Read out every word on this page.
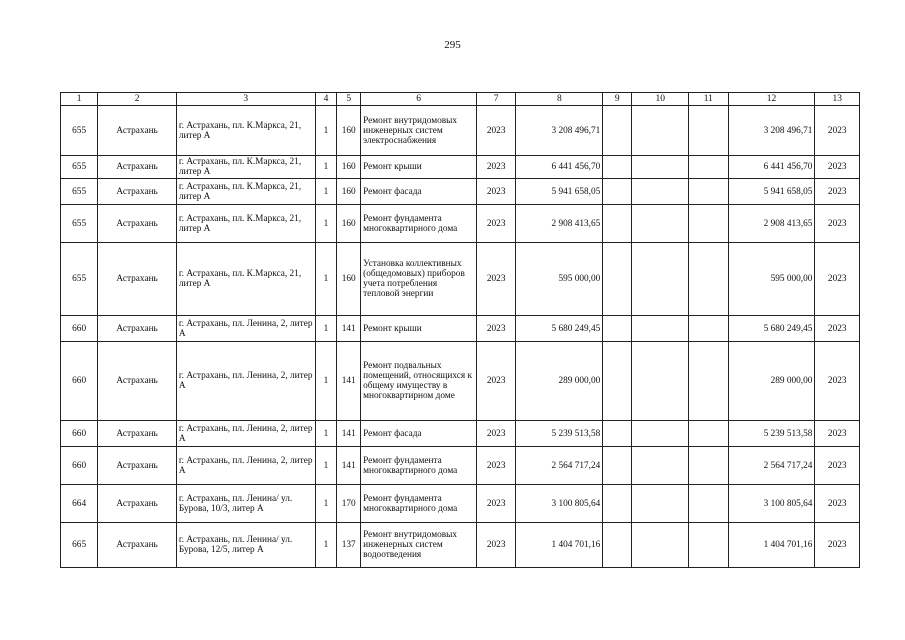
295
1	2	3	4	5	6	7	8	9	10	11	12	13
655	Астрахань	г. Астрахань, пл. К.Маркса, 21, литер А	1	160	Ремонт внутридомовых инженерных систем электроснабжения	2023	3 208 496,71				3 208 496,71	2023
655	Астрахань	г. Астрахань, пл. К.Маркса, 21, литер А	1	160	Ремонт крыши	2023	6 441 456,70				6 441 456,70	2023
655	Астрахань	г. Астрахань, пл. К.Маркса, 21, литер А	1	160	Ремонт фасада	2023	5 941 658,05				5 941 658,05	2023
655	Астрахань	г. Астрахань, пл. К.Маркса, 21, литер А	1	160	Ремонт фундамента многоквартирного дома	2023	2 908 413,65				2 908 413,65	2023
655	Астрахань	г. Астрахань, пл. К.Маркса, 21, литер А	1	160	Установка коллективных (общедомовых) приборов учета потребления тепловой энергии	2023	595 000,00				595 000,00	2023
660	Астрахань	г. Астрахань, пл. Ленина, 2, литер А	1	141	Ремонт крыши	2023	5 680 249,45				5 680 249,45	2023
660	Астрахань	г. Астрахань, пл. Ленина, 2, литер А	1	141	Ремонт подвальных помещений, относящихся к общему имуществу в многоквартирном доме	2023	289 000,00				289 000,00	2023
660	Астрахань	г. Астрахань, пл. Ленина, 2, литер А	1	141	Ремонт фасада	2023	5 239 513,58				5 239 513,58	2023
660	Астрахань	г. Астрахань, пл. Ленина, 2, литер А	1	141	Ремонт фундамента многоквартирного дома	2023	2 564 717,24				2 564 717,24	2023
664	Астрахань	г. Астрахань, пл. Ленина/ ул. Бурова, 10/3, литер А	1	170	Ремонт фундамента многоквартирного дома	2023	3 100 805,64				3 100 805,64	2023
665	Астрахань	г. Астрахань, пл. Ленина/ ул. Бурова, 12/5, литер А	1	137	Ремонт внутридомовых инженерных систем водоотведения	2023	1 404 701,16				1 404 701,16	2023
